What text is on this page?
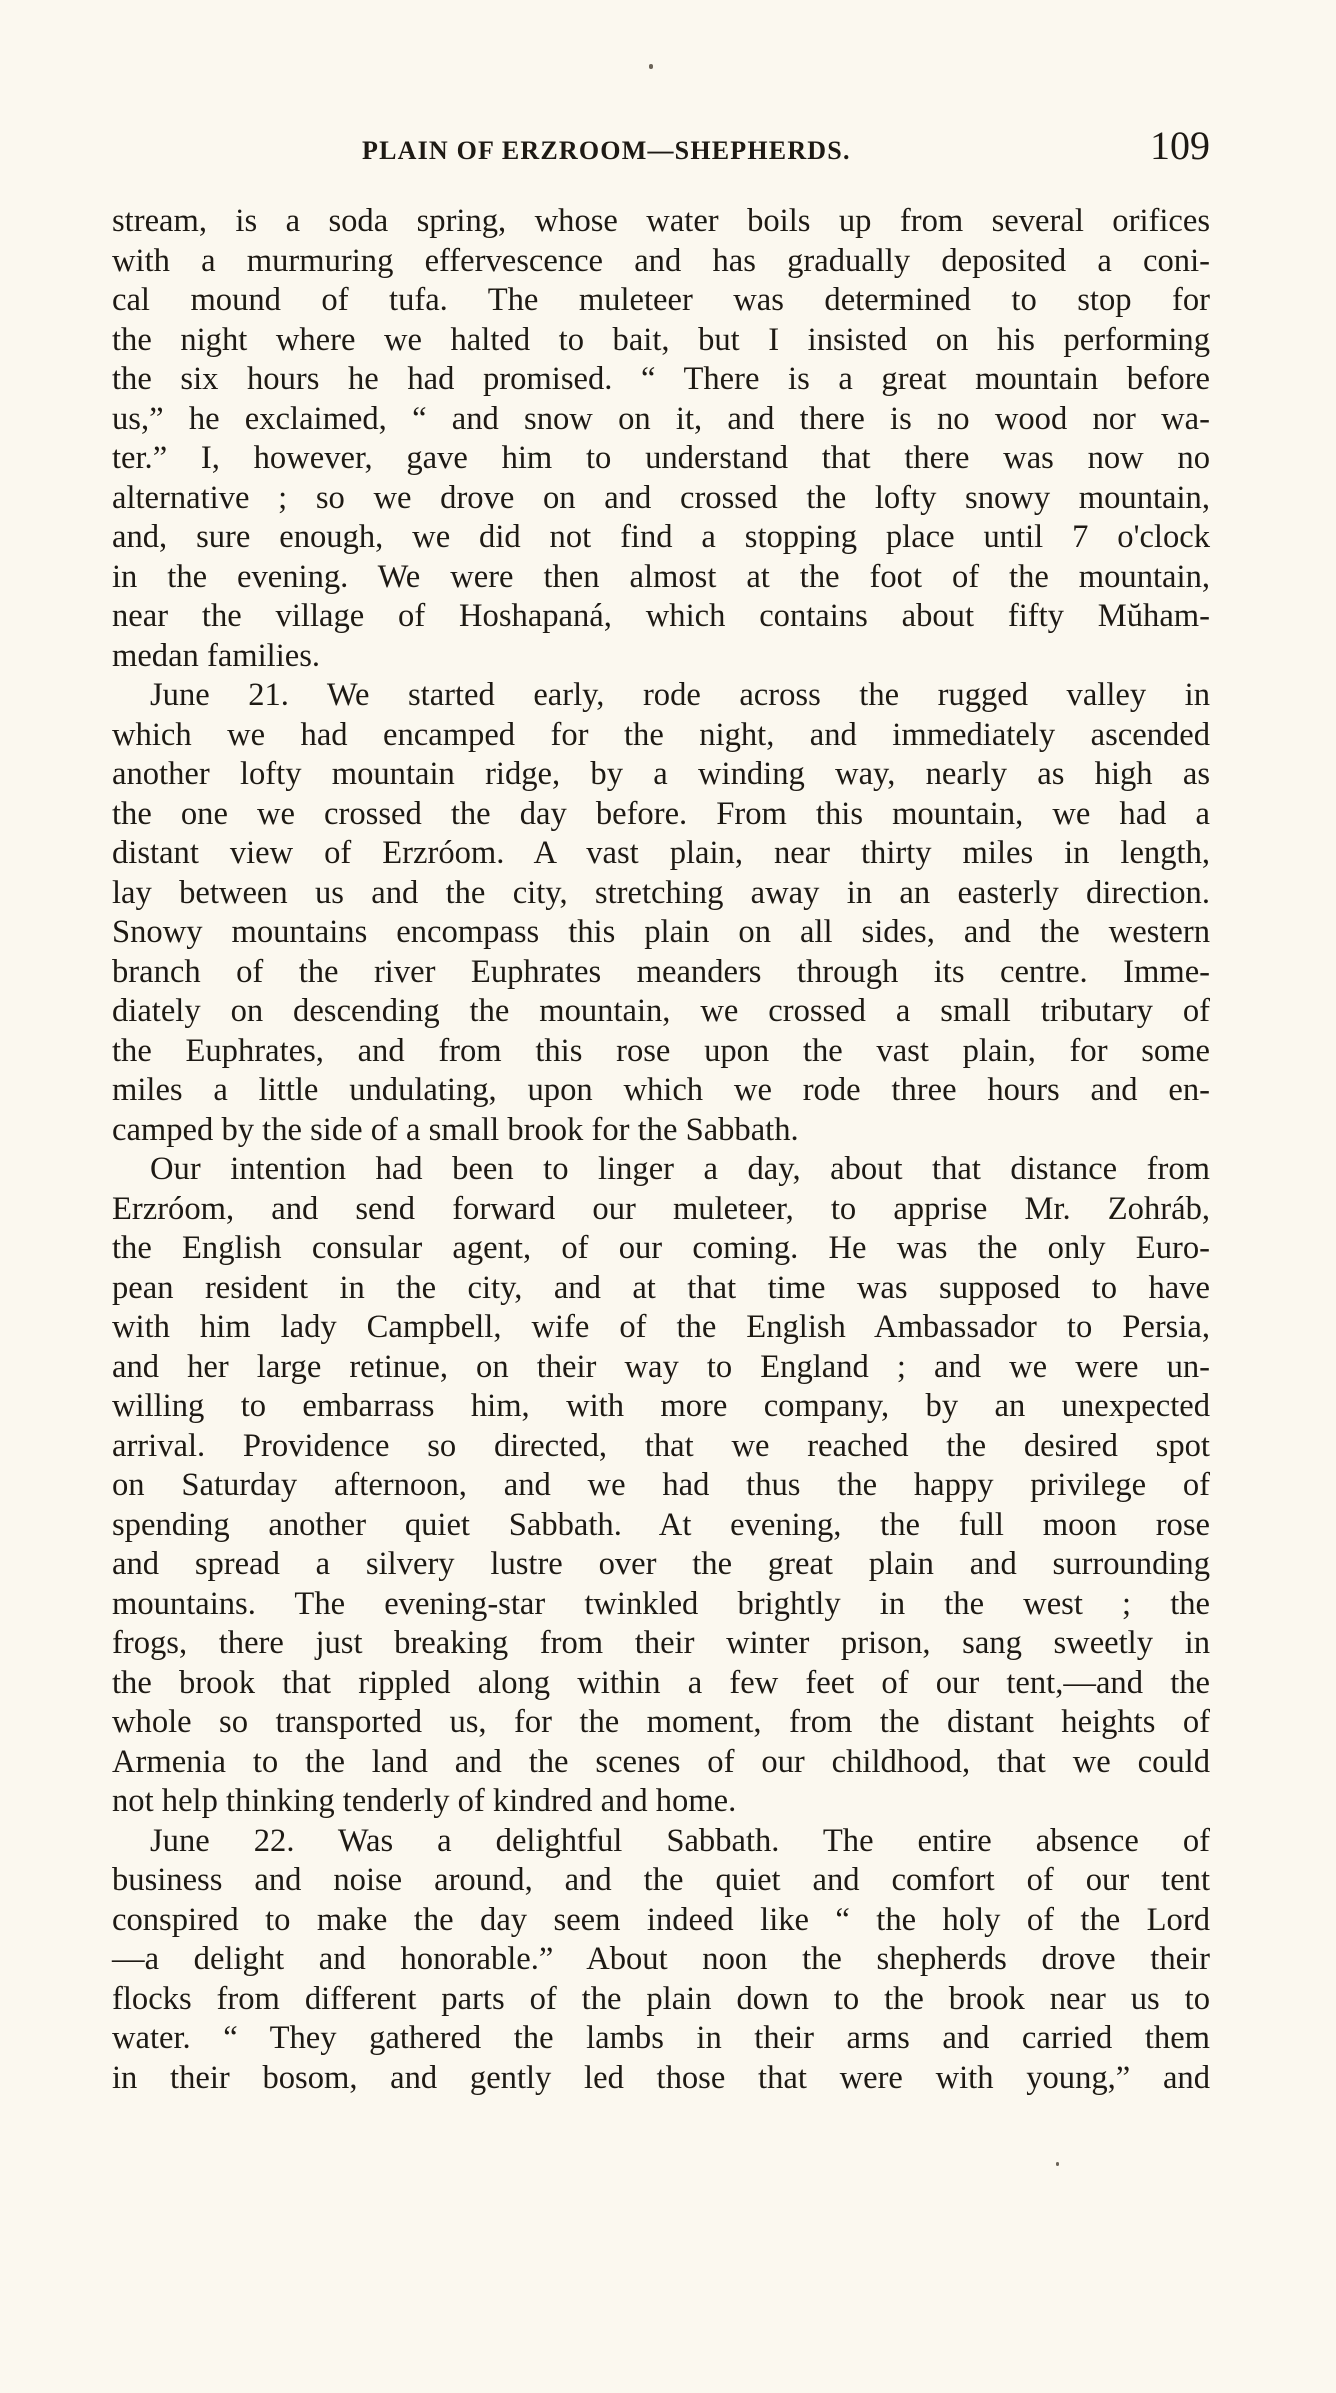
PLAIN OF ERZROOM—SHEPHERDS.	109
stream, is a soda spring, whose water boils up from several orifices
with a murmuring effervescence and has gradually deposited a coni-
cal mound of tufa. The muleteer was determined to stop for
the night where we halted to bait, but I insisted on his performing
the six hours he had promised. “ There is a great mountain before
us,” he exclaimed, “ and snow on it, and there is no wood nor wa-
ter.” I, however, gave him to understand that there was now no
alternative ; so we drove on and crossed the lofty snowy mountain,
and, sure enough, we did not find a stopping place until 7 o'clock
in the evening. We were then almost at the foot of the mountain,
near the village of Hoshapaná, which contains about fifty Mŭham-
medan families.
June 21. We started early, rode across the rugged valley in
which we had encamped for the night, and immediately ascended
another lofty mountain ridge, by a winding way, nearly as high as
the one we crossed the day before. From this mountain, we had a
distant view of Erzróom. A vast plain, near thirty miles in length,
lay between us and the city, stretching away in an easterly direction.
Snowy mountains encompass this plain on all sides, and the western
branch of the river Euphrates meanders through its centre. Imme-
diately on descending the mountain, we crossed a small tributary of
the Euphrates, and from this rose upon the vast plain, for some
miles a little undulating, upon which we rode three hours and en-
camped by the side of a small brook for the Sabbath.
Our intention had been to linger a day, about that distance from
Erzróom, and send forward our muleteer, to apprise Mr. Zohráb,
the English consular agent, of our coming. He was the only Euro-
pean resident in the city, and at that time was supposed to have
with him lady Campbell, wife of the English Ambassador to Persia,
and her large retinue, on their way to England ; and we were un-
willing to embarrass him, with more company, by an unexpected
arrival. Providence so directed, that we reached the desired spot
on Saturday afternoon, and we had thus the happy privilege of
spending another quiet Sabbath. At evening, the full moon rose
and spread a silvery lustre over the great plain and surrounding
mountains. The evening-star twinkled brightly in the west ; the
frogs, there just breaking from their winter prison, sang sweetly in
the brook that rippled along within a few feet of our tent,—and the
whole so transported us, for the moment, from the distant heights of
Armenia to the land and the scenes of our childhood, that we could
not help thinking tenderly of kindred and home.
June 22. Was a delightful Sabbath. The entire absence of
business and noise around, and the quiet and comfort of our tent
conspired to make the day seem indeed like “ the holy of the Lord
—a delight and honorable.” About noon the shepherds drove their
flocks from different parts of the plain down to the brook near us to
water. “ They gathered the lambs in their arms and carried them
in their bosom, and gently led those that were with young,” and
